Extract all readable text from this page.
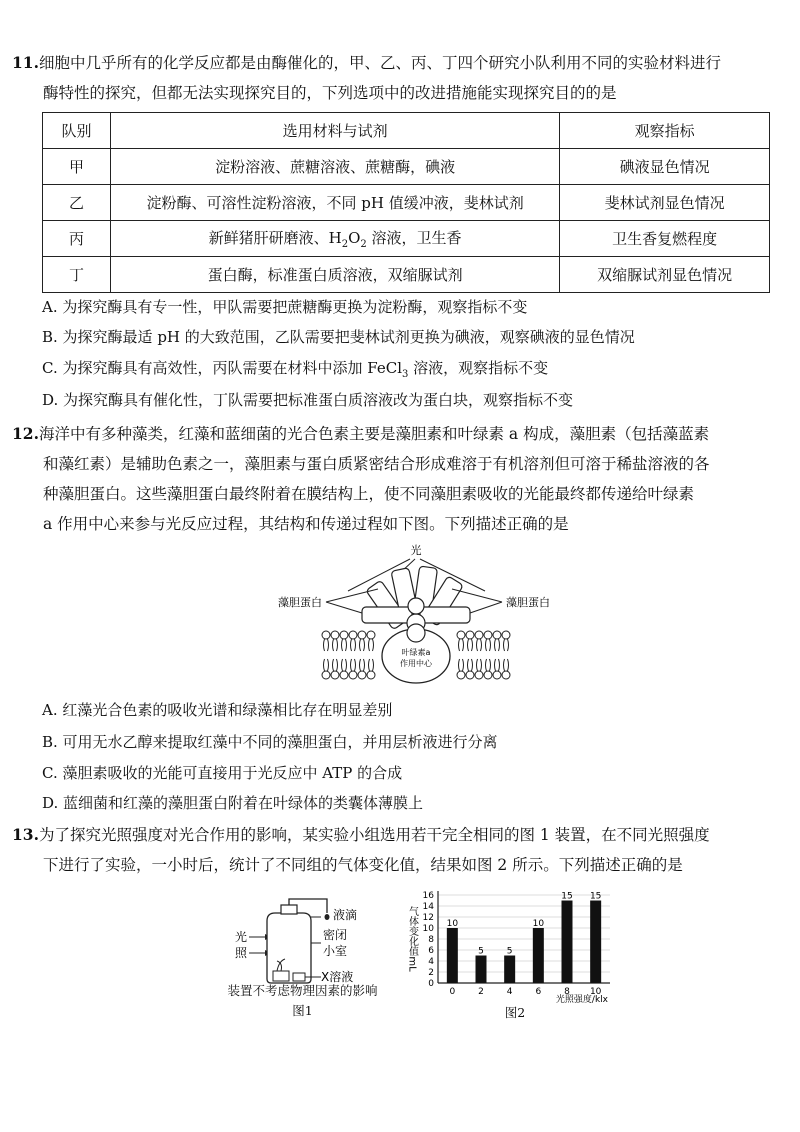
11.细胞中几乎所有的化学反应都是由酶催化的，甲、乙、丙、丁四个研究小队利用不同的实验材料进行

酶特性的探究，但都无法实现探究目的，下列选项中的改进措施能实现探究目的的是

队别	选用材料与试剂	观察指标
甲	淀粉溶液、蔗糖溶液、蔗糖酶，碘液	碘液显色情况
乙	淀粉酶、可溶性淀粉溶液，不同 pH 值缓冲液，斐林试剂	斐林试剂显色情况
丙	新鲜猪肝研磨液、$H_2O_2$ 溶液，卫生香	卫生香复燃程度
丁	蛋白酶，标准蛋白质溶液，双缩脲试剂	双缩脲试剂显色情况
A. 为探究酶具有专一性，甲队需要把蔗糖酶更换为淀粉酶，观察指标不变
B. 为探究酶最适 pH 的大致范围，乙队需要把斐林试剂更换为碘液，观察碘液的显色情况
C. 为探究酶具有高效性，丙队需要在材料中添加 FeCl$_3$ 溶液，观察指标不变
D. 为探究酶具有催化性，丁队需要把标准蛋白质溶液改为蛋白块，观察指标不变

12.海洋中有多种藻类，红藻和蓝细菌的光合色素主要是藻胆素和叶绿素 a 构成，藻胆素（包括藻蓝素

和藻红素）是辅助色素之一，藻胆素与蛋白质紧密结合形成难溶于有机溶剂但可溶于稀盐溶液的各

种藻胆蛋白。这些藻胆蛋白最终附着在膜结构上，使不同藻胆素吸收的光能最终都传递给叶绿素

a 作用中心来参与光反应过程，其结构和传递过程如下图。下列描述正确的是

光
藻胆蛋白	藻胆蛋白
叶绿素a
作用中心
A. 红藻光合色素的吸收光谱和绿藻相比存在明显差别
B. 可用无水乙醇来提取红藻中不同的藻胆蛋白，并用层析液进行分离
C. 藻胆素吸收的光能可直接用于光反应中 ATP 的合成
D. 蓝细菌和红藻的藻胆蛋白附着在叶绿体的类囊体薄膜上

13.为了探究光照强度对光合作用的影响，某实验小组选用若干完全相同的图 1 装置，在不同光照强度

下进行了实验，一小时后，统计了不同组的气体变化值，结果如图 2 所示。下列描述正确的是

光
照
液滴
密闭
小室
X溶液
装置不考虑物理因素的影响
图1
0
2
4
6
8
10
12
14
16
气体变化值mL	10
0
5
2
5
4
10
6
15
8
15
10
光照强度/klx
图2
